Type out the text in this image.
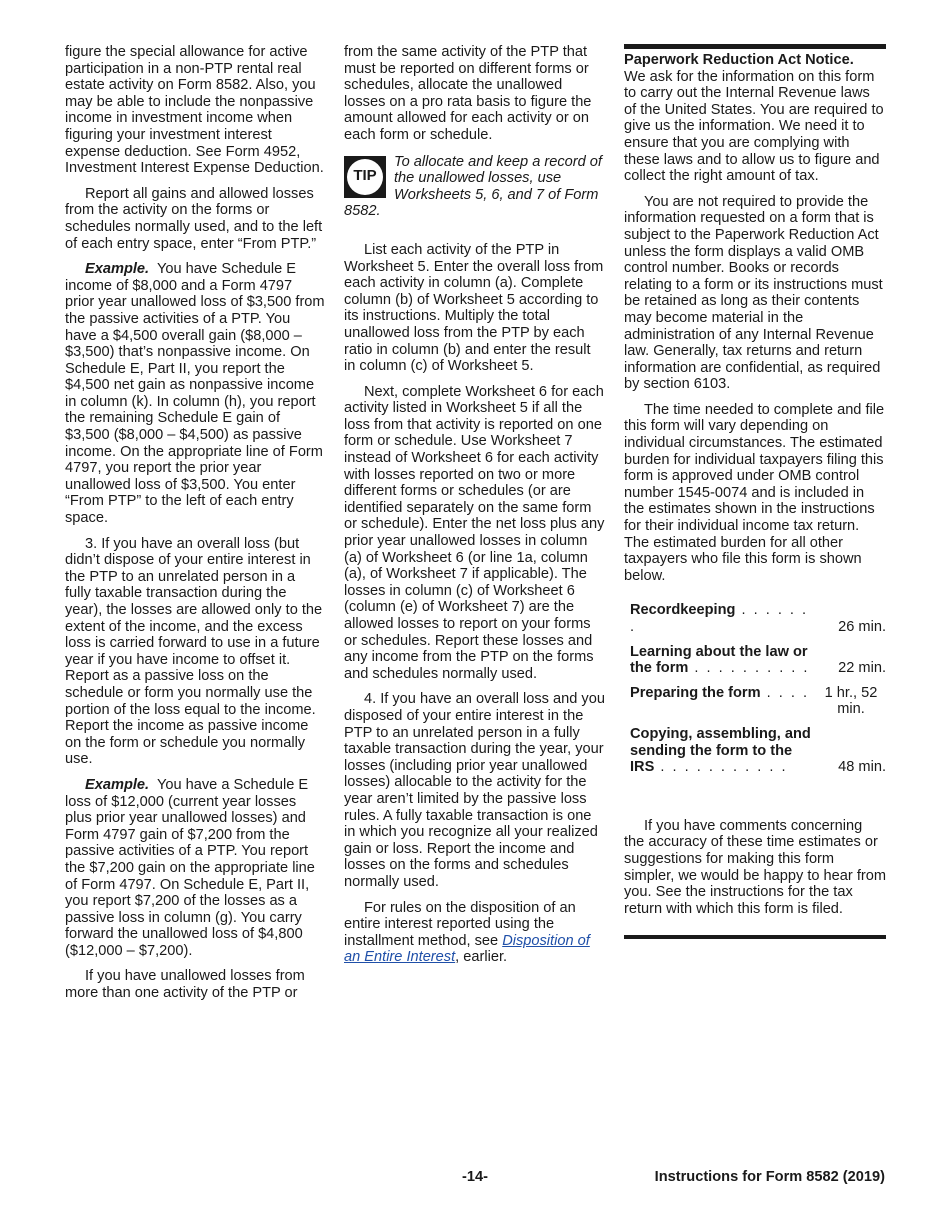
figure the special allowance for active participation in a non-PTP rental real estate activity on Form 8582. Also, you may be able to include the nonpassive income in investment income when figuring your investment interest expense deduction. See Form 4952, Investment Interest Expense Deduction.

Report all gains and allowed losses from the activity on the forms or schedules normally used, and to the left of each entry space, enter “From PTP.”

Example. You have Schedule E income of $8,000 and a Form 4797 prior year unallowed loss of $3,500 from the passive activities of a PTP. You have a $4,500 overall gain ($8,000 – $3,500) that’s nonpassive income. On Schedule E, Part II, you report the $4,500 net gain as nonpassive income in column (k). In column (h), you report the remaining Schedule E gain of $3,500 ($8,000 – $4,500) as passive income. On the appropriate line of Form 4797, you report the prior year unallowed loss of $3,500. You enter “From PTP” to the left of each entry space.

3. If you have an overall loss (but didn’t dispose of your entire interest in the PTP to an unrelated person in a fully taxable transaction during the year), the losses are allowed only to the extent of the income, and the excess loss is carried forward to use in a future year if you have income to offset it. Report as a passive loss on the schedule or form you normally use the portion of the loss equal to the income. Report the income as passive income on the form or schedule you normally use.

Example. You have a Schedule E loss of $12,000 (current year losses plus prior year unallowed losses) and Form 4797 gain of $7,200 from the passive activities of a PTP. You report the $7,200 gain on the appropriate line of Form 4797. On Schedule E, Part II, you report $7,200 of the losses as a passive loss in column (g). You carry forward the unallowed loss of $4,800 ($12,000 – $7,200).

If you have unallowed losses from more than one activity of the PTP or

from the same activity of the PTP that must be reported on different forms or schedules, allocate the unallowed losses on a pro rata basis to figure the amount allowed for each activity or on each form or schedule.

TIP
To allocate and keep a record of the unallowed losses, use Worksheets 5, 6, and 7 of Form 8582.

List each activity of the PTP in Worksheet 5. Enter the overall loss from each activity in column (a). Complete column (b) of Worksheet 5 according to its instructions. Multiply the total unallowed loss from the PTP by each ratio in column (b) and enter the result in column (c) of Worksheet 5.

Next, complete Worksheet 6 for each activity listed in Worksheet 5 if all the loss from that activity is reported on one form or schedule. Use Worksheet 7 instead of Worksheet 6 for each activity with losses reported on two or more different forms or schedules (or are identified separately on the same form or schedule). Enter the net loss plus any prior year unallowed losses in column (a) of Worksheet 6 (or line 1a, column (a), of Worksheet 7 if applicable). The losses in column (c) of Worksheet 6 (column (e) of Worksheet 7) are the allowed losses to report on your forms or schedules. Report these losses and any income from the PTP on the forms and schedules normally used.

4. If you have an overall loss and you disposed of your entire interest in the PTP to an unrelated person in a fully taxable transaction during the year, your losses (including prior year unallowed losses) allocable to the activity for the year aren’t limited by the passive loss rules. A fully taxable transaction is one in which you recognize all your realized gain or loss. Report the income and losses on the forms and schedules normally used.

For rules on the disposition of an entire interest reported using the installment method, see Disposition of an Entire Interest, earlier.

Paperwork Reduction Act Notice.
We ask for the information on this form to carry out the Internal Revenue laws of the United States. You are required to give us the information. We need it to ensure that you are complying with these laws and to allow us to figure and collect the right amount of tax.

You are not required to provide the information requested on a form that is subject to the Paperwork Reduction Act unless the form displays a valid OMB control number. Books or records relating to a form or its instructions must be retained as long as their contents may become material in the administration of any Internal Revenue law. Generally, tax returns and return information are confidential, as required by section 6103.

The time needed to complete and file this form will vary depending on individual circumstances. The estimated burden for individual taxpayers filing this form is approved under OMB control number 1545-0074 and is included in the estimates shown in the instructions for their individual income tax return. The estimated burden for all other taxpayers who file this form is shown below.

Recordkeeping . . . . . . .	26 min.
Learning about the law or the form . . . . . . . . . .	22 min.
Preparing the form . . . .	1 hr., 52 min.
Copying, assembling, and sending the form to the IRS . . . . . . . . . . .	48 min.

If you have comments concerning the accuracy of these time estimates or suggestions for making this form simpler, we would be happy to hear from you. See the instructions for the tax return with which this form is filed.

-14-	Instructions for Form 8582 (2019)
